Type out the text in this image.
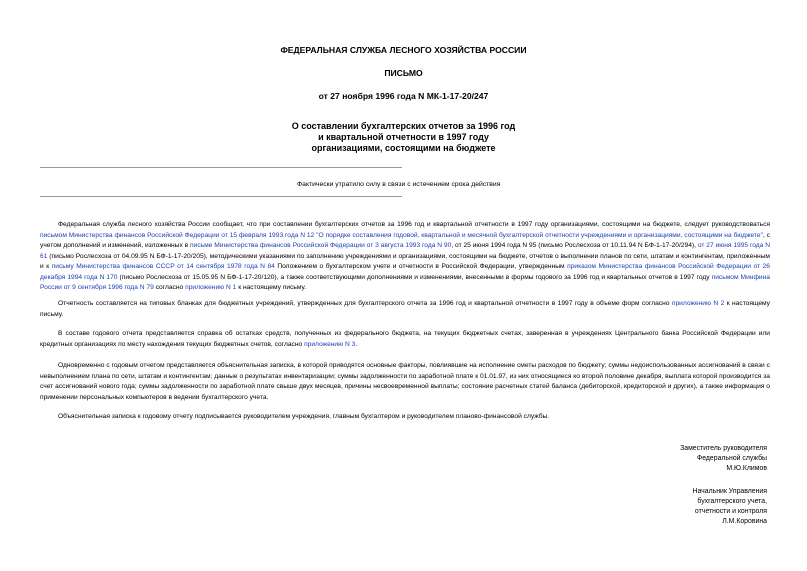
ФЕДЕРАЛЬНАЯ СЛУЖБА ЛЕСНОГО ХОЗЯЙСТВА РОССИИ
ПИСЬМО
от 27 ноября 1996 года N МК-1-17-20/247
О составлении бухгалтерских отчетов за 1996 год
и квартальной отчетности в 1997 году
организациями, состоящими на бюджете
Фактически утратило силу в связи с истечением срока действия
Федеральная служба лесного хозяйства России сообщает, что при составлении бухгалтерских отчетов за 1996 год и квартальной отчетности в 1997 году организациями, состоящими на бюджете, следует руководствоваться письмом Министерства финансов Российской Федерации от 15 февраля 1993 года N 12 "О порядке составления годовой, квартальной и месячной бухгалтерской отчетности учреждениями и организациями, состоящими на бюджете", с учетом дополнений и изменений, изложенных в письме Министерства финансов Российской Федерации от 3 августа 1993 года N 90, от 25 июня 1994 года N 95 (письмо Рослесхоза от 10.11.94 N БФ-1-17-20/294), от 27 июня 1995 года N 61 (письмо Рослесхоза от 04.09.95 N БФ-1-17-20/205), методическими указаниями по заполнению учреждениями и организациями, состоящими на бюджете, отчетов о выполнении планов по сети, штатам и контингентам, приложенным и к письму Министерства финансов СССР от 14 сентября 1978 года N 84 Положением о бухгалтерском учете и отчетности в Российской Федерации, утвержденным приказом Министерства финансов Российской Федерации от 26 декабря 1994 года N 170 (письмо Рослесхоза от 15.05.95 N БФ-1-17-20/120), а также соответствующими дополнениями и изменениями, внесенными в формы годового за 1996 год и квартальных отчетов в 1997 году письмом Минфина России от 9 сентября 1996 года N 79 согласно приложению N 1 к настоящему письму.
Отчетность составляется на типовых бланках для бюджетных учреждений, утвержденных для бухгалтерского отчета за 1996 год и квартальной отчетности в 1997 году в объеме форм согласно приложению N 2 к настоящему письму.
В составе годового отчета представляется справка об остатках средств, полученных из федерального бюджета, на текущих бюджетных счетах, заверенная в учреждениях Центрального банка Российской Федерации или кредитных организациях по месту нахождения текущих бюджетных счетов, согласно приложению N 3.
Одновременно с годовым отчетом представляется объяснительная записка, в которой приводятся основные факторы, повлиявшие на исполнение сметы расходов по бюджету; суммы недоиспользованных ассигнований в связи с невыполнением плана по сети, штатам и контингентам; данные о результатах инвентаризации; суммы задолженности по заработной плате к 01.01.97, из них относящиеся ко второй половине декабря, выплата которой производится за счет ассигнований нового года; суммы задолженности по заработной плате свыше двух месяцев, причины несвоевременной выплаты; состояние расчетных статей баланса (дебиторской, кредиторской и других), а также информация о применении персональных компьютеров в ведении бухгалтерского учета.
Объяснительная записка к годовому отчету подписывается руководителем учреждения, главным бухгалтером и руководителем планово-финансовой службы.
Заместитель руководителя
Федеральной службы
М.Ю.Климов
Начальник Управления
бухгалтерского учета,
отчетности и контроля
Л.М.Коровина
